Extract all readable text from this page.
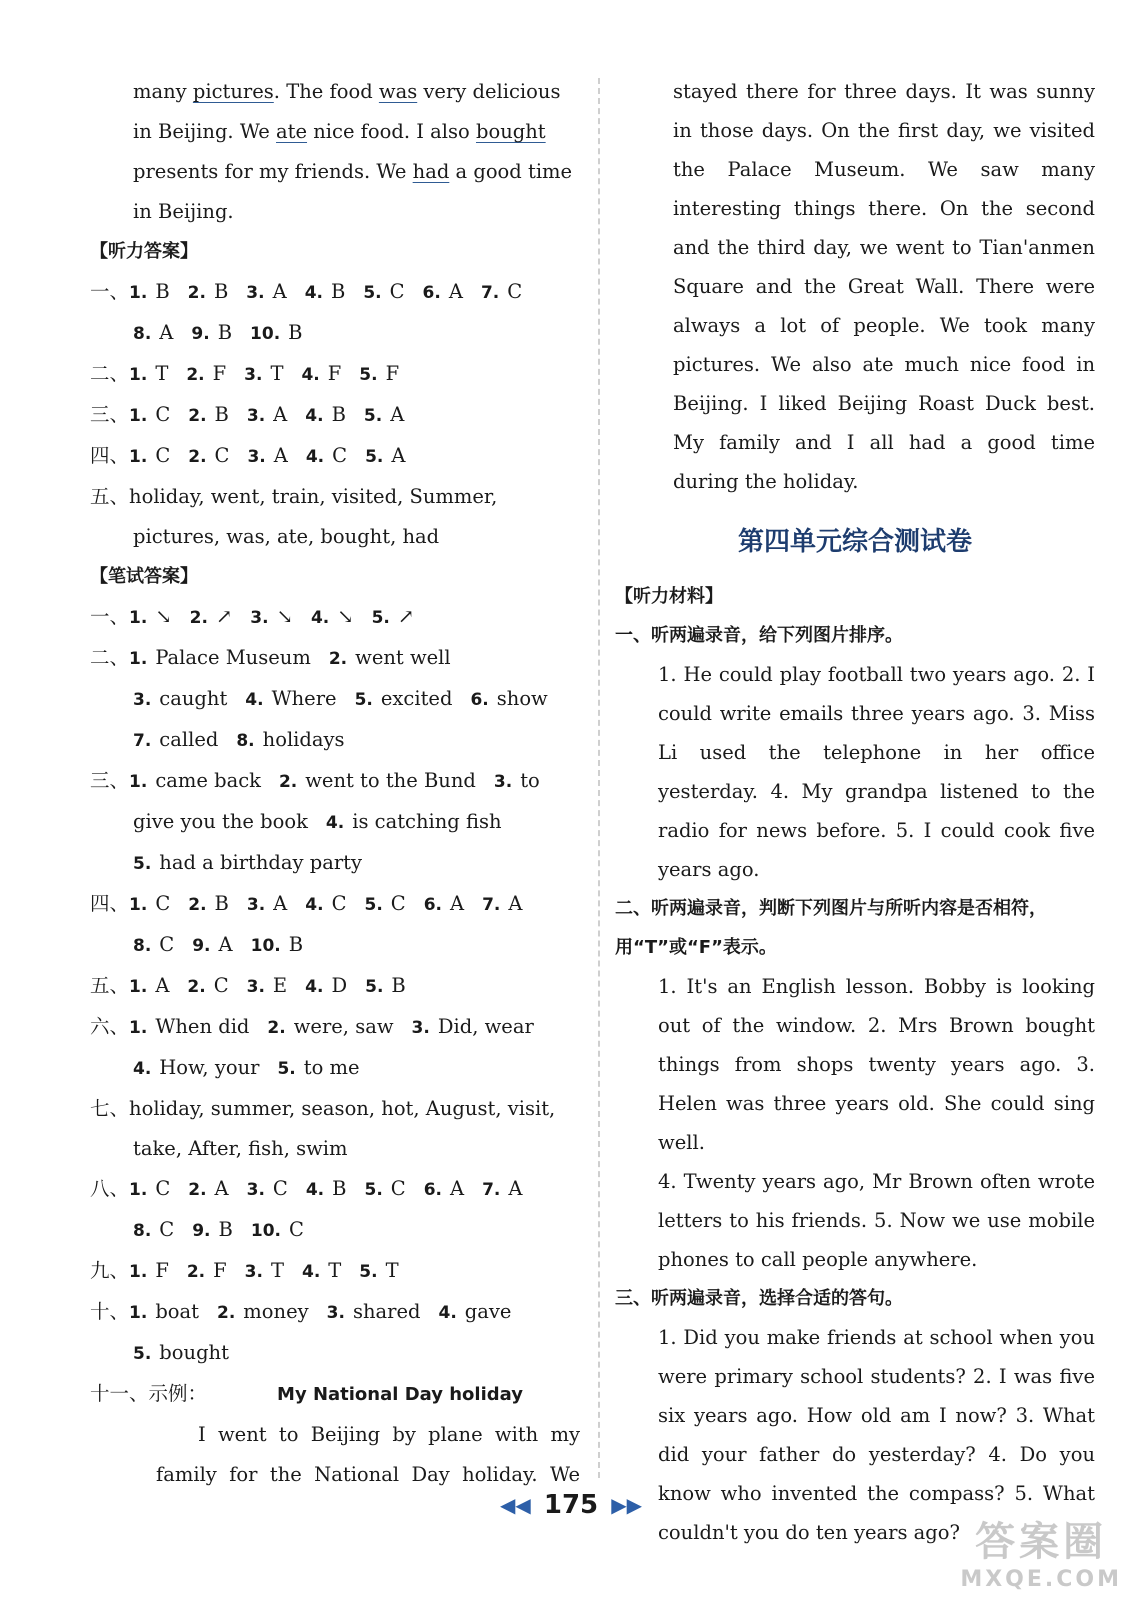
many pictures. The food was very delicious
in Beijing. We ate nice food. I also bought
presents for my friends. We had a good time
in Beijing.
【听力答案】
一、1. B 2. B 3. A 4. B 5. C 6. A 7. C
8. A 9. B 10. B
二、1. T 2. F 3. T 4. F 5. F
三、1. C 2. B 3. A 4. B 5. A
四、1. C 2. C 3. A 4. C 5. A
五、holiday, went, train, visited, Summer,
pictures, was, ate, bought, had
【笔试答案】
一、1. ↘ 2. ↗ 3. ↘ 4. ↘ 5. ↗
二、1. Palace Museum 2. went well
3. caught 4. Where 5. excited 6. show
7. called 8. holidays
三、1. came back 2. went to the Bund 3. to
give you the book 4. is catching fish
5. had a birthday party
四、1. C 2. B 3. A 4. C 5. C 6. A 7. A
8. C 9. A 10. B
五、1. A 2. C 3. E 4. D 5. B
六、1. When did 2. were, saw 3. Did, wear
4. How, your 5. to me
七、holiday, summer, season, hot, August, visit,
take, After, fish, swim
八、1. C 2. A 3. C 4. B 5. C 6. A 7. A
8. C 9. B 10. C
九、1. F 2. F 3. T 4. T 5. T
十、1. boat 2. money 3. shared 4. gave
5. bought
十一、示例：	My National Day holiday
I went to Beijing by plane with my
family for the National Day holiday. We
stayed there for three days. It was sunny in those days. On the first day, we visited the Palace Museum. We saw many interesting things there. On the second and the third day, we went to Tian'anmen Square and the Great Wall. There were always a lot of people. We took many pictures. We also ate much nice food in Beijing. I liked Beijing Roast Duck best. My family and I all had a good time during the holiday.
第四单元综合测试卷
【听力材料】
一、听两遍录音，给下列图片排序。
1. He could play football two years ago. 2. I could write emails three years ago. 3. Miss Li used the telephone in her office yesterday. 4. My grandpa listened to the radio for news before. 5. I could cook five years ago.
二、听两遍录音，判断下列图片与所听内容是否相符，用“T”或“F”表示。
1. It's an English lesson. Bobby is looking out of the window. 2. Mrs Brown bought things from shops twenty years ago. 3. Helen was three years old. She could sing well.
4. Twenty years ago, Mr Brown often wrote letters to his friends. 5. Now we use mobile phones to call people anywhere.
三、听两遍录音，选择合适的答句。
1. Did you make friends at school when you were primary school students? 2. I was five six years ago. How old am I now? 3. What did your father do yesterday? 4. Do you know who invented the compass? 5. What couldn't you do ten years ago?
◀◀ 175 ▶▶
答案圈
MXQE.COM
